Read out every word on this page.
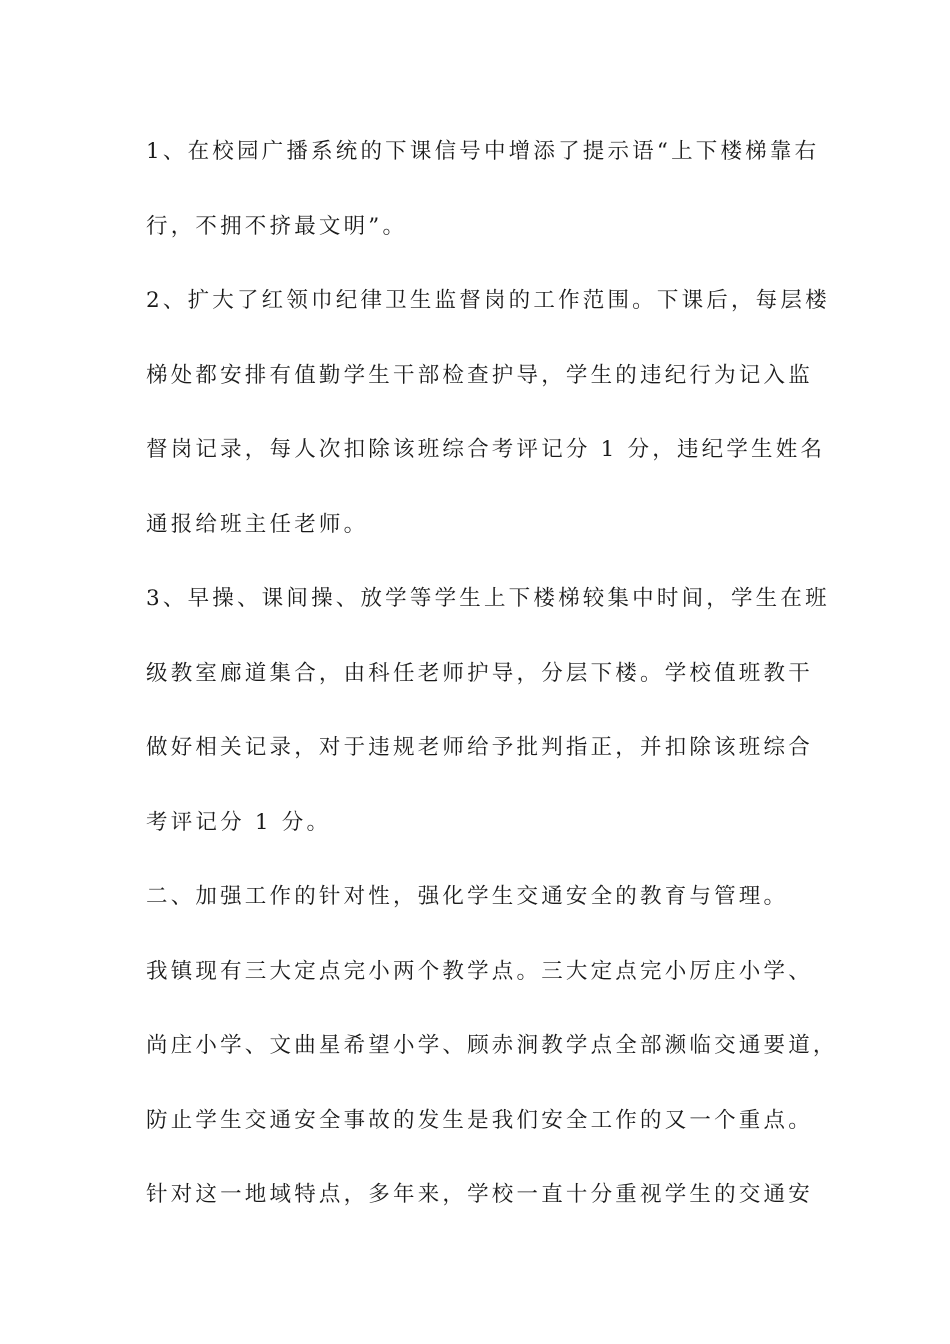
1、在校园广播系统的下课信号中增添了提示语“上下楼梯靠右
行，不拥不挤最文明”。
2、扩大了红领巾纪律卫生监督岗的工作范围。下课后，每层楼
梯处都安排有值勤学生干部检查护导，学生的违纪行为记入监
督岗记录，每人次扣除该班综合考评记分 1 分，违纪学生姓名
通报给班主任老师。
3、早操、课间操、放学等学生上下楼梯较集中时间，学生在班
级教室廊道集合，由科任老师护导，分层下楼。学校值班教干
做好相关记录，对于违规老师给予批判指正，并扣除该班综合
考评记分 1 分。
二、加强工作的针对性，强化学生交通安全的教育与管理。
我镇现有三大定点完小两个教学点。三大定点完小厉庄小学、
尚庄小学、文曲星希望小学、顾赤涧教学点全部濒临交通要道，
防止学生交通安全事故的发生是我们安全工作的又一个重点。
针对这一地域特点，多年来，学校一直十分重视学生的交通安
